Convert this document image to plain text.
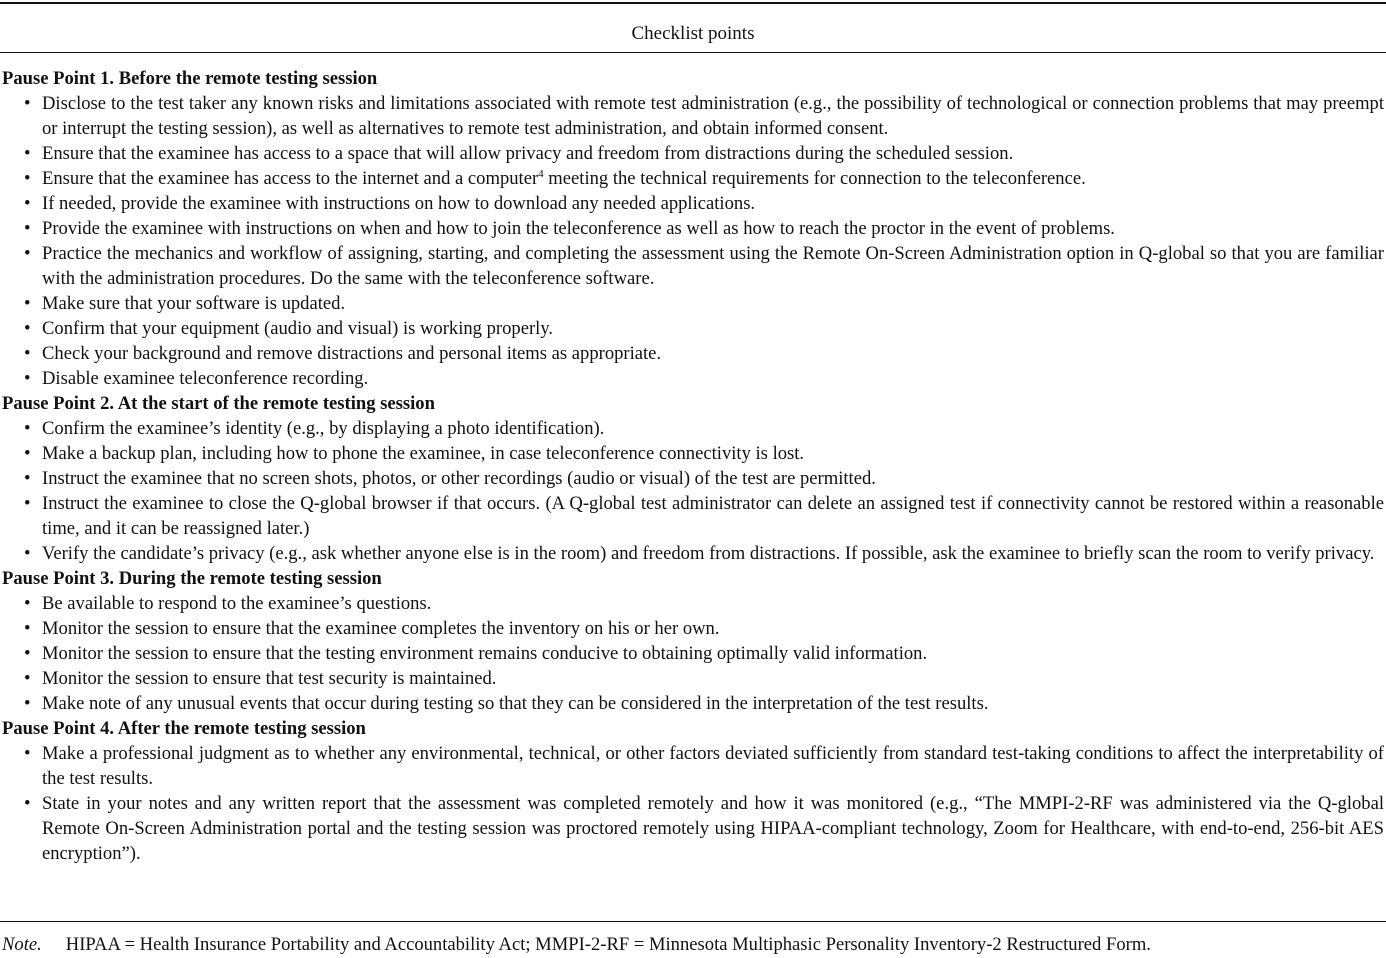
Checklist points
Pause Point 1. Before the remote testing session
• Disclose to the test taker any known risks and limitations associated with remote test administration (e.g., the possibility of technological or connection problems that may preempt or interrupt the testing session), as well as alternatives to remote test administration, and obtain informed consent.
• Ensure that the examinee has access to a space that will allow privacy and freedom from distractions during the scheduled session.
• Ensure that the examinee has access to the internet and a computer$^4$ meeting the technical requirements for connection to the teleconference.
• If needed, provide the examinee with instructions on how to download any needed applications.
• Provide the examinee with instructions on when and how to join the teleconference as well as how to reach the proctor in the event of problems.
• Practice the mechanics and workflow of assigning, starting, and completing the assessment using the Remote On-Screen Administration option in Q-global so that you are familiar with the administration procedures. Do the same with the teleconference software.
• Make sure that your software is updated.
• Confirm that your equipment (audio and visual) is working properly.
• Check your background and remove distractions and personal items as appropriate.
• Disable examinee teleconference recording.
Pause Point 2. At the start of the remote testing session
• Confirm the examinee’s identity (e.g., by displaying a photo identification).
• Make a backup plan, including how to phone the examinee, in case teleconference connectivity is lost.
• Instruct the examinee that no screen shots, photos, or other recordings (audio or visual) of the test are permitted.
• Instruct the examinee to close the Q-global browser if that occurs. (A Q-global test administrator can delete an assigned test if connectivity cannot be restored within a reasonable time, and it can be reassigned later.)
• Verify the candidate’s privacy (e.g., ask whether anyone else is in the room) and freedom from distractions. If possible, ask the examinee to briefly scan the room to verify privacy.
Pause Point 3. During the remote testing session
• Be available to respond to the examinee’s questions.
• Monitor the session to ensure that the examinee completes the inventory on his or her own.
• Monitor the session to ensure that the testing environment remains conducive to obtaining optimally valid information.
• Monitor the session to ensure that test security is maintained.
• Make note of any unusual events that occur during testing so that they can be considered in the interpretation of the test results.
Pause Point 4. After the remote testing session
• Make a professional judgment as to whether any environmental, technical, or other factors deviated sufficiently from standard test-taking conditions to affect the interpretability of the test results.
• State in your notes and any written report that the assessment was completed remotely and how it was monitored (e.g., “The MMPI-2-RF was administered via the Q-global Remote On-Screen Administration portal and the testing session was proctored remotely using HIPAA-compliant technology, Zoom for Healthcare, with end-to-end, 256-bit AES encryption”).
Note. HIPAA = Health Insurance Portability and Accountability Act; MMPI-2-RF = Minnesota Multiphasic Personality Inventory-2 Restructured Form.
